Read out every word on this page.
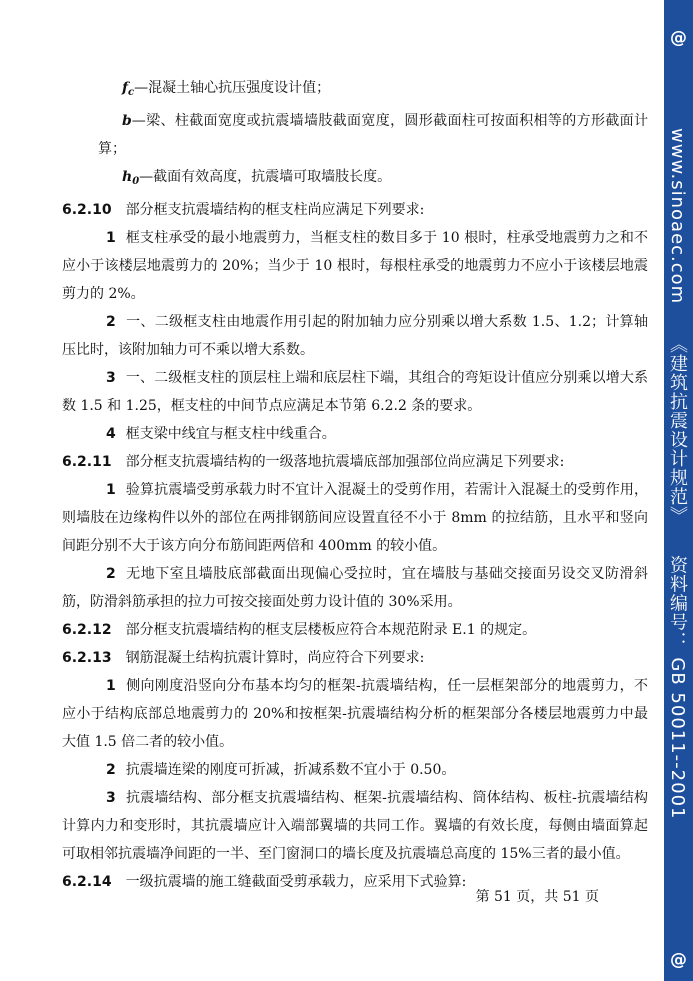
$f_c—$混凝土轴心抗压强度设计值；

b—梁、柱截面宽度或抗震墙墙肢截面宽度，圆形截面柱可按面积相等的方形截面计算；

$h_0—$截面有效高度，抗震墙可取墙肢长度。

6.2.10 部分框支抗震墙结构的框支柱尚应满足下列要求:

1 框支柱承受的最小地震剪力，当框支柱的数目多于 10 根时，柱承受地震剪力之和不应小于该楼层地震剪力的 20%；当少于 10 根时，每根柱承受的地震剪力不应小于该楼层地震剪力的 2%。

2 一、二级框支柱由地震作用引起的附加轴力应分别乘以增大系数 1.5、1.2；计算轴压比时，该附加轴力可不乘以增大系数。

3 一、二级框支柱的顶层柱上端和底层柱下端，其组合的弯矩设计值应分别乘以增大系数 1.5 和 1.25，框支柱的中间节点应满足本节第 6.2.2 条的要求。

4 框支梁中线宜与框支柱中线重合。

6.2.11 部分框支抗震墙结构的一级落地抗震墙底部加强部位尚应满足下列要求:

1 验算抗震墙受剪承载力时不宜计入混凝土的受剪作用，若需计入混凝土的受剪作用，则墙肢在边缘构件以外的部位在两排钢筋间应设置直径不小于 8mm 的拉结筋，且水平和竖向间距分别不大于该方向分布筋间距两倍和 400mm 的较小值。

2 无地下室且墙肢底部截面出现偏心受拉时，宜在墙肢与基础交接面另设交叉防滑斜筋，防滑斜筋承担的拉力可按交接面处剪力设计值的 30%采用。

6.2.12 部分框支抗震墙结构的框支层楼板应符合本规范附录 E.1 的规定。

6.2.13 钢筋混凝土结构抗震计算时，尚应符合下列要求:

1 侧向刚度沿竖向分布基本均匀的框架-抗震墙结构，任一层框架部分的地震剪力，不应小于结构底部总地震剪力的 20%和按框架-抗震墙结构分析的框架部分各楼层地震剪力中最大值 1.5 倍二者的较小值。

2 抗震墙连梁的刚度可折减，折减系数不宜小于 0.50。

3 抗震墙结构、部分框支抗震墙结构、框架-抗震墙结构、筒体结构、板柱-抗震墙结构计算内力和变形时，其抗震墙应计入端部翼墙的共同工作。翼墙的有效长度，每侧由墙面算起可取相邻抗震墙净间距的一半、至门窗洞口的墙长度及抗震墙总高度的 15%三者的最小值。

6.2.14 一级抗震墙的施工缝截面受剪承载力，应采用下式验算:

第 51 页，共 51 页
@
www.sinoaec.com 《建筑抗震设计规范》 资料编号： GB 50011--2001
@
